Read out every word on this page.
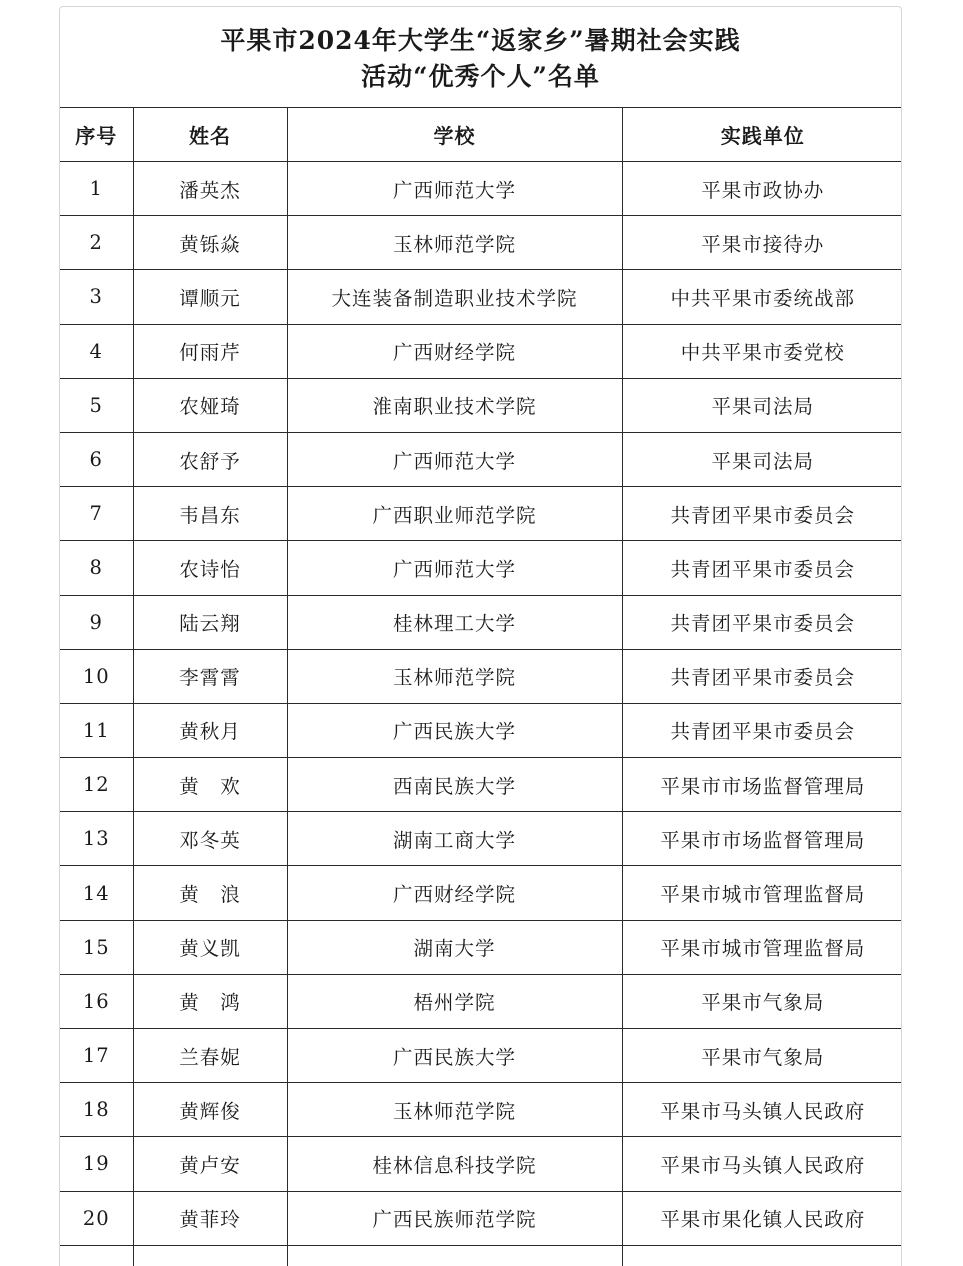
平果市2024年大学生“返家乡”暑期社会实践
活动“优秀个人”名单
序号	姓名	学校	实践单位
1	潘英杰	广西师范大学	平果市政协办
2	黄铄焱	玉林师范学院	平果市接待办
3	谭顺元	大连装备制造职业技术学院	中共平果市委统战部
4	何雨芹	广西财经学院	中共平果市委党校
5	农娅琦	淮南职业技术学院	平果司法局
6	农舒予	广西师范大学	平果司法局
7	韦昌东	广西职业师范学院	共青团平果市委员会
8	农诗怡	广西师范大学	共青团平果市委员会
9	陆云翔	桂林理工大学	共青团平果市委员会
10	李霄霄	玉林师范学院	共青团平果市委员会
11	黄秋月	广西民族大学	共青团平果市委员会
12	黄　欢	西南民族大学	平果市市场监督管理局
13	邓冬英	湖南工商大学	平果市市场监督管理局
14	黄　浪	广西财经学院	平果市城市管理监督局
15	黄义凯	湖南大学	平果市城市管理监督局
16	黄　鸿	梧州学院	平果市气象局
17	兰春妮	广西民族大学	平果市气象局
18	黄辉俊	玉林师范学院	平果市马头镇人民政府
19	黄卢安	桂林信息科技学院	平果市马头镇人民政府
20	黄菲玲	广西民族师范学院	平果市果化镇人民政府
